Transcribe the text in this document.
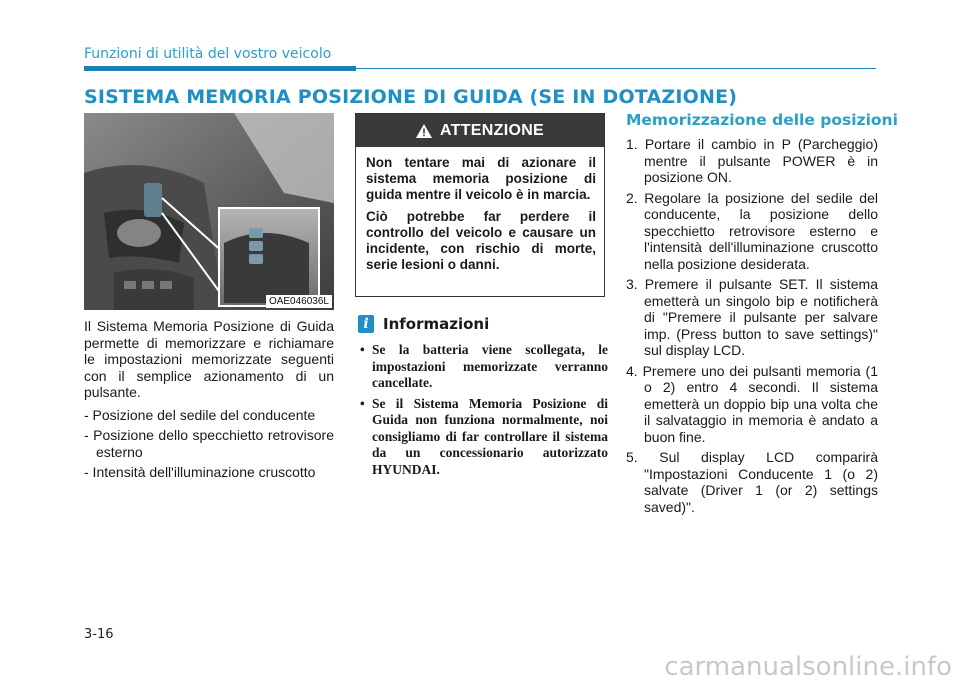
Funzioni di utilità del vostro veicolo
SISTEMA MEMORIA POSIZIONE DI GUIDA (SE IN DOTAZIONE)
OAE046036L

Il Sistema Memoria Posizione di Guida permette di memorizzare e richiamare le impostazioni memorizzate seguenti con il semplice azionamento di un pulsante.

- Posizione del sedile del conducente
- Posizione dello specchietto retrovisore esterno
- Intensità dell'illuminazione cruscotto
ATTENZIONE

Non tentare mai di azionare il sistema memoria posizione di guida mentre il veicolo è in marcia.

Ciò potrebbe far perdere il controllo del veicolo e causare un incidente, con rischio di morte, serie lesioni o danni.

i Informazioni
• Se la batteria viene scollegata, le impostazioni memorizzate verranno cancellate.
• Se il Sistema Memoria Posizione di Guida non funziona normalmente, noi consigliamo di far controllare il sistema da un concessionario autorizzato HYUNDAI.
Memorizzazione delle posizioni
1. Portare il cambio in P (Parcheggio) mentre il pulsante POWER è in posizione ON.
2. Regolare la posizione del sedile del conducente, la posizione dello specchietto retrovisore esterno e l'intensità dell'illuminazione cruscotto nella posizione desiderata.
3. Premere il pulsante SET. Il sistema emetterà un singolo bip e notificherà di "Premere il pulsante per salvare imp. (Press button to save settings)" sul display LCD.
4. Premere uno dei pulsanti memoria (1 o 2) entro 4 secondi. Il sistema emetterà un doppio bip una volta che il salvataggio in memoria è andato a buon fine.
5. Sul display LCD comparirà "Impostazioni Conducente 1 (o 2) salvate (Driver 1 (or 2) settings saved)".
3-16
carmanualsonline.info
